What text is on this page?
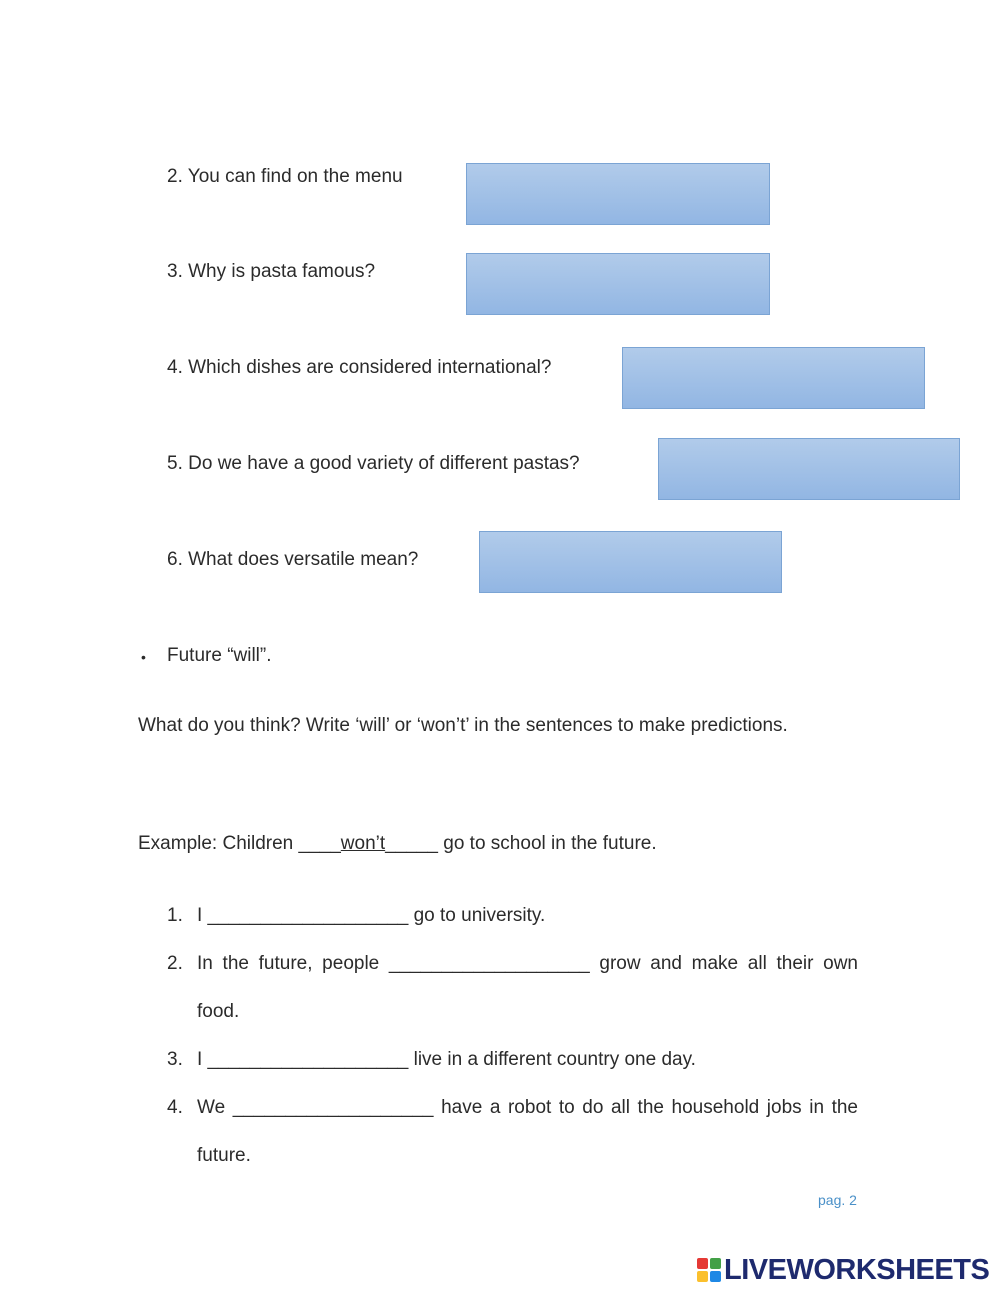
2. You can find on the menu
3. Why is pasta famous?
4. Which dishes are considered international?
5. Do we have a good variety of different pastas?
6. What does versatile mean?
• Future “will”.
What do you think? Write ‘will’ or ‘won’t’ in the sentences to make predictions.
Example: Children ____won’t_____ go to school in the future.
1. I ___________________ go to university.
2. In the future, people ___________________ grow and make all their own food.
3. I ___________________ live in a different country one day.
4. We ___________________ have a robot to do all the household jobs in the future.
pag. 2
LIVEWORKSHEETS
